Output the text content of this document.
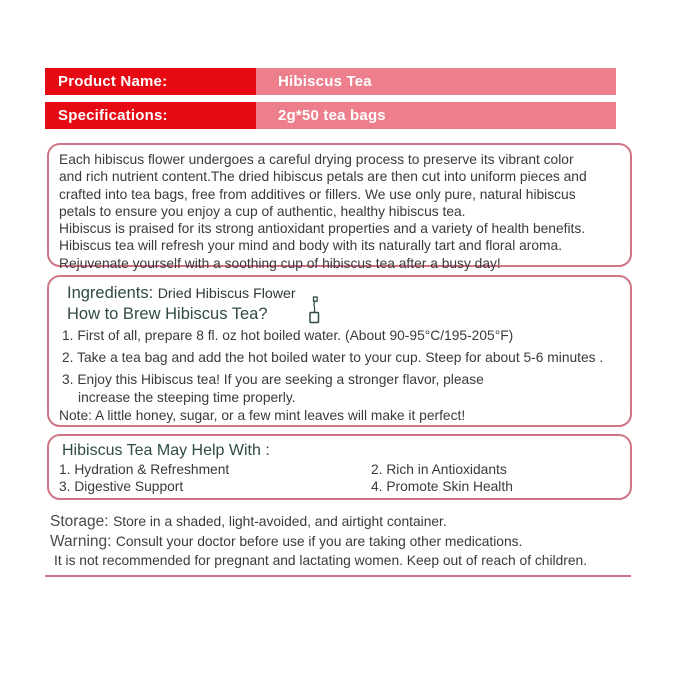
Product Name:	Hibiscus Tea
Specifications:	2g*50 tea bags
Each hibiscus flower undergoes a careful drying process to preserve its vibrant color
and rich nutrient content.The dried hibiscus petals are then cut into uniform pieces and
crafted into tea bags, free from additives or fillers. We use only pure, natural hibiscus
petals to ensure you enjoy a cup of authentic, healthy hibiscus tea.
Hibiscus is praised for its strong antioxidant properties and a variety of health benefits.
Hibiscus tea will refresh your mind and body with its naturally tart and floral aroma.
Rejuvenate yourself with a soothing cup of hibiscus tea after a busy day!
Ingredients: Dried Hibiscus Flower
How to Brew Hibiscus Tea?
1. First of all, prepare 8 fl. oz hot boiled water. (About 90-95°C/195-205°F)
2. Take a tea bag and add the hot boiled water to your cup. Steep for about 5-6 minutes .
3. Enjoy this Hibiscus tea! If you are seeking a stronger flavor, please
increase the steeping time properly.
Note: A little honey, sugar, or a few mint leaves will make it perfect!
Hibiscus Tea May Help With :
1. Hydration & Refreshment	2. Rich in Antioxidants
3. Digestive Support	4. Promote Skin Health
Storage: Store in a shaded, light-avoided, and airtight container.
Warning: Consult your doctor before use if you are taking other medications.
It is not recommended for pregnant and lactating women. Keep out of reach of children.
